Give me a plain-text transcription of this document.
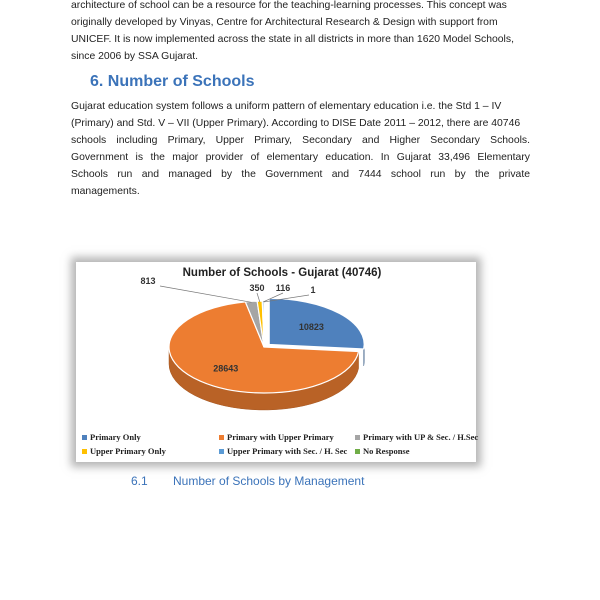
architecture of school can be a resource for the teaching-learning processes. This concept was

originally developed by Vinyas, Centre for Architectural Research & Design with support from

UNICEF. It is now implemented across the state in all districts in more than 1620 Model Schools,

since 2006 by SSA Gujarat.

6. Number of Schools

Gujarat education system follows a uniform pattern of elementary education i.e. the Std 1 – IV

(Primary) and Std. V – VII (Upper Primary). According to DISE Date 2011 – 2012, there are 40746

schools including Primary, Upper Primary, Secondary and Higher Secondary Schools.

Government is the major provider of elementary education. In Gujarat 33,496 Elementary

Schools run and managed by the Government and 7444 school run by the private

managements.

Number of Schools - Gujarat (40746)
10823
28643
813
350 116 1
Primary Only	Primary with Upper Primary	Primary with UP & Sec. / H.Sec
Upper Primary Only	Upper Primary with Sec. / H. Sec	No Response
6.1 Number of Schools by Management
